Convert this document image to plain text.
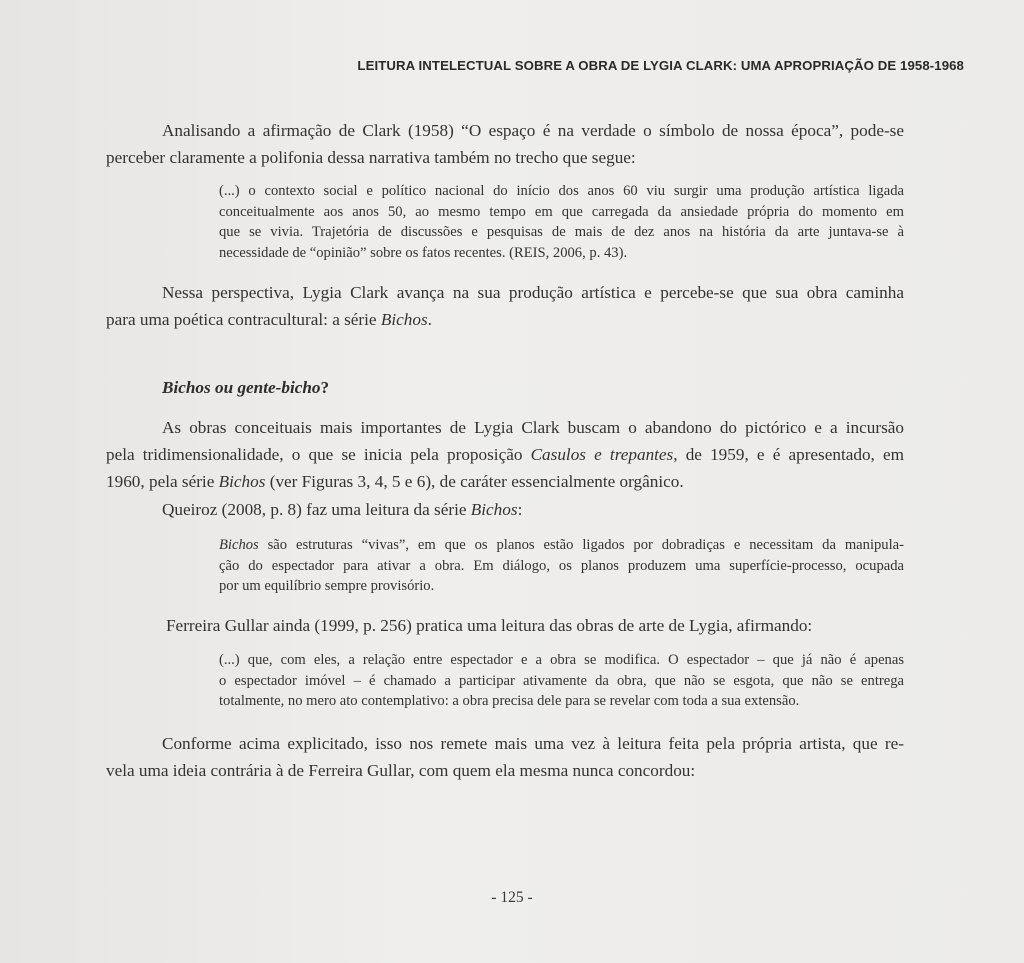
LEITURA INTELECTUAL SOBRE A OBRA DE LYGIA CLARK: UMA APROPRIAÇÃO DE 1958-1968
Analisando a afirmação de Clark (1958) “O espaço é na verdade o símbolo de nossa época”, pode-se
perceber claramente a polifonia dessa narrativa também no trecho que segue:
(...) o contexto social e político nacional do início dos anos 60 viu surgir uma produção artística ligada
conceitualmente aos anos 50, ao mesmo tempo em que carregada da ansiedade própria do momento em
que se vivia. Trajetória de discussões e pesquisas de mais de dez anos na história da arte juntava-se à
necessidade de “opinião” sobre os fatos recentes. (REIS, 2006, p. 43).
Nessa perspectiva, Lygia Clark avança na sua produção artística e percebe-se que sua obra caminha
para uma poética contracultural: a série Bichos.
Bichos ou gente-bicho?
As obras conceituais mais importantes de Lygia Clark buscam o abandono do pictórico e a incursão
pela tridimensionalidade, o que se inicia pela proposição Casulos e trepantes, de 1959, e é apresentado, em
1960, pela série Bichos (ver Figuras 3, 4, 5 e 6), de caráter essencialmente orgânico.
Queiroz (2008, p. 8) faz uma leitura da série Bichos:
Bichos são estruturas “vivas”, em que os planos estão ligados por dobradiças e necessitam da manipula-
ção do espectador para ativar a obra. Em diálogo, os planos produzem uma superfície-processo, ocupada
por um equilíbrio sempre provisório.
Ferreira Gullar ainda (1999, p. 256) pratica uma leitura das obras de arte de Lygia, afirmando:
(...) que, com eles, a relação entre espectador e a obra se modifica. O espectador – que já não é apenas
o espectador imóvel – é chamado a participar ativamente da obra, que não se esgota, que não se entrega
totalmente, no mero ato contemplativo: a obra precisa dele para se revelar com toda a sua extensão.
Conforme acima explicitado, isso nos remete mais uma vez à leitura feita pela própria artista, que re-
vela uma ideia contrária à de Ferreira Gullar, com quem ela mesma nunca concordou:
- 125 -
